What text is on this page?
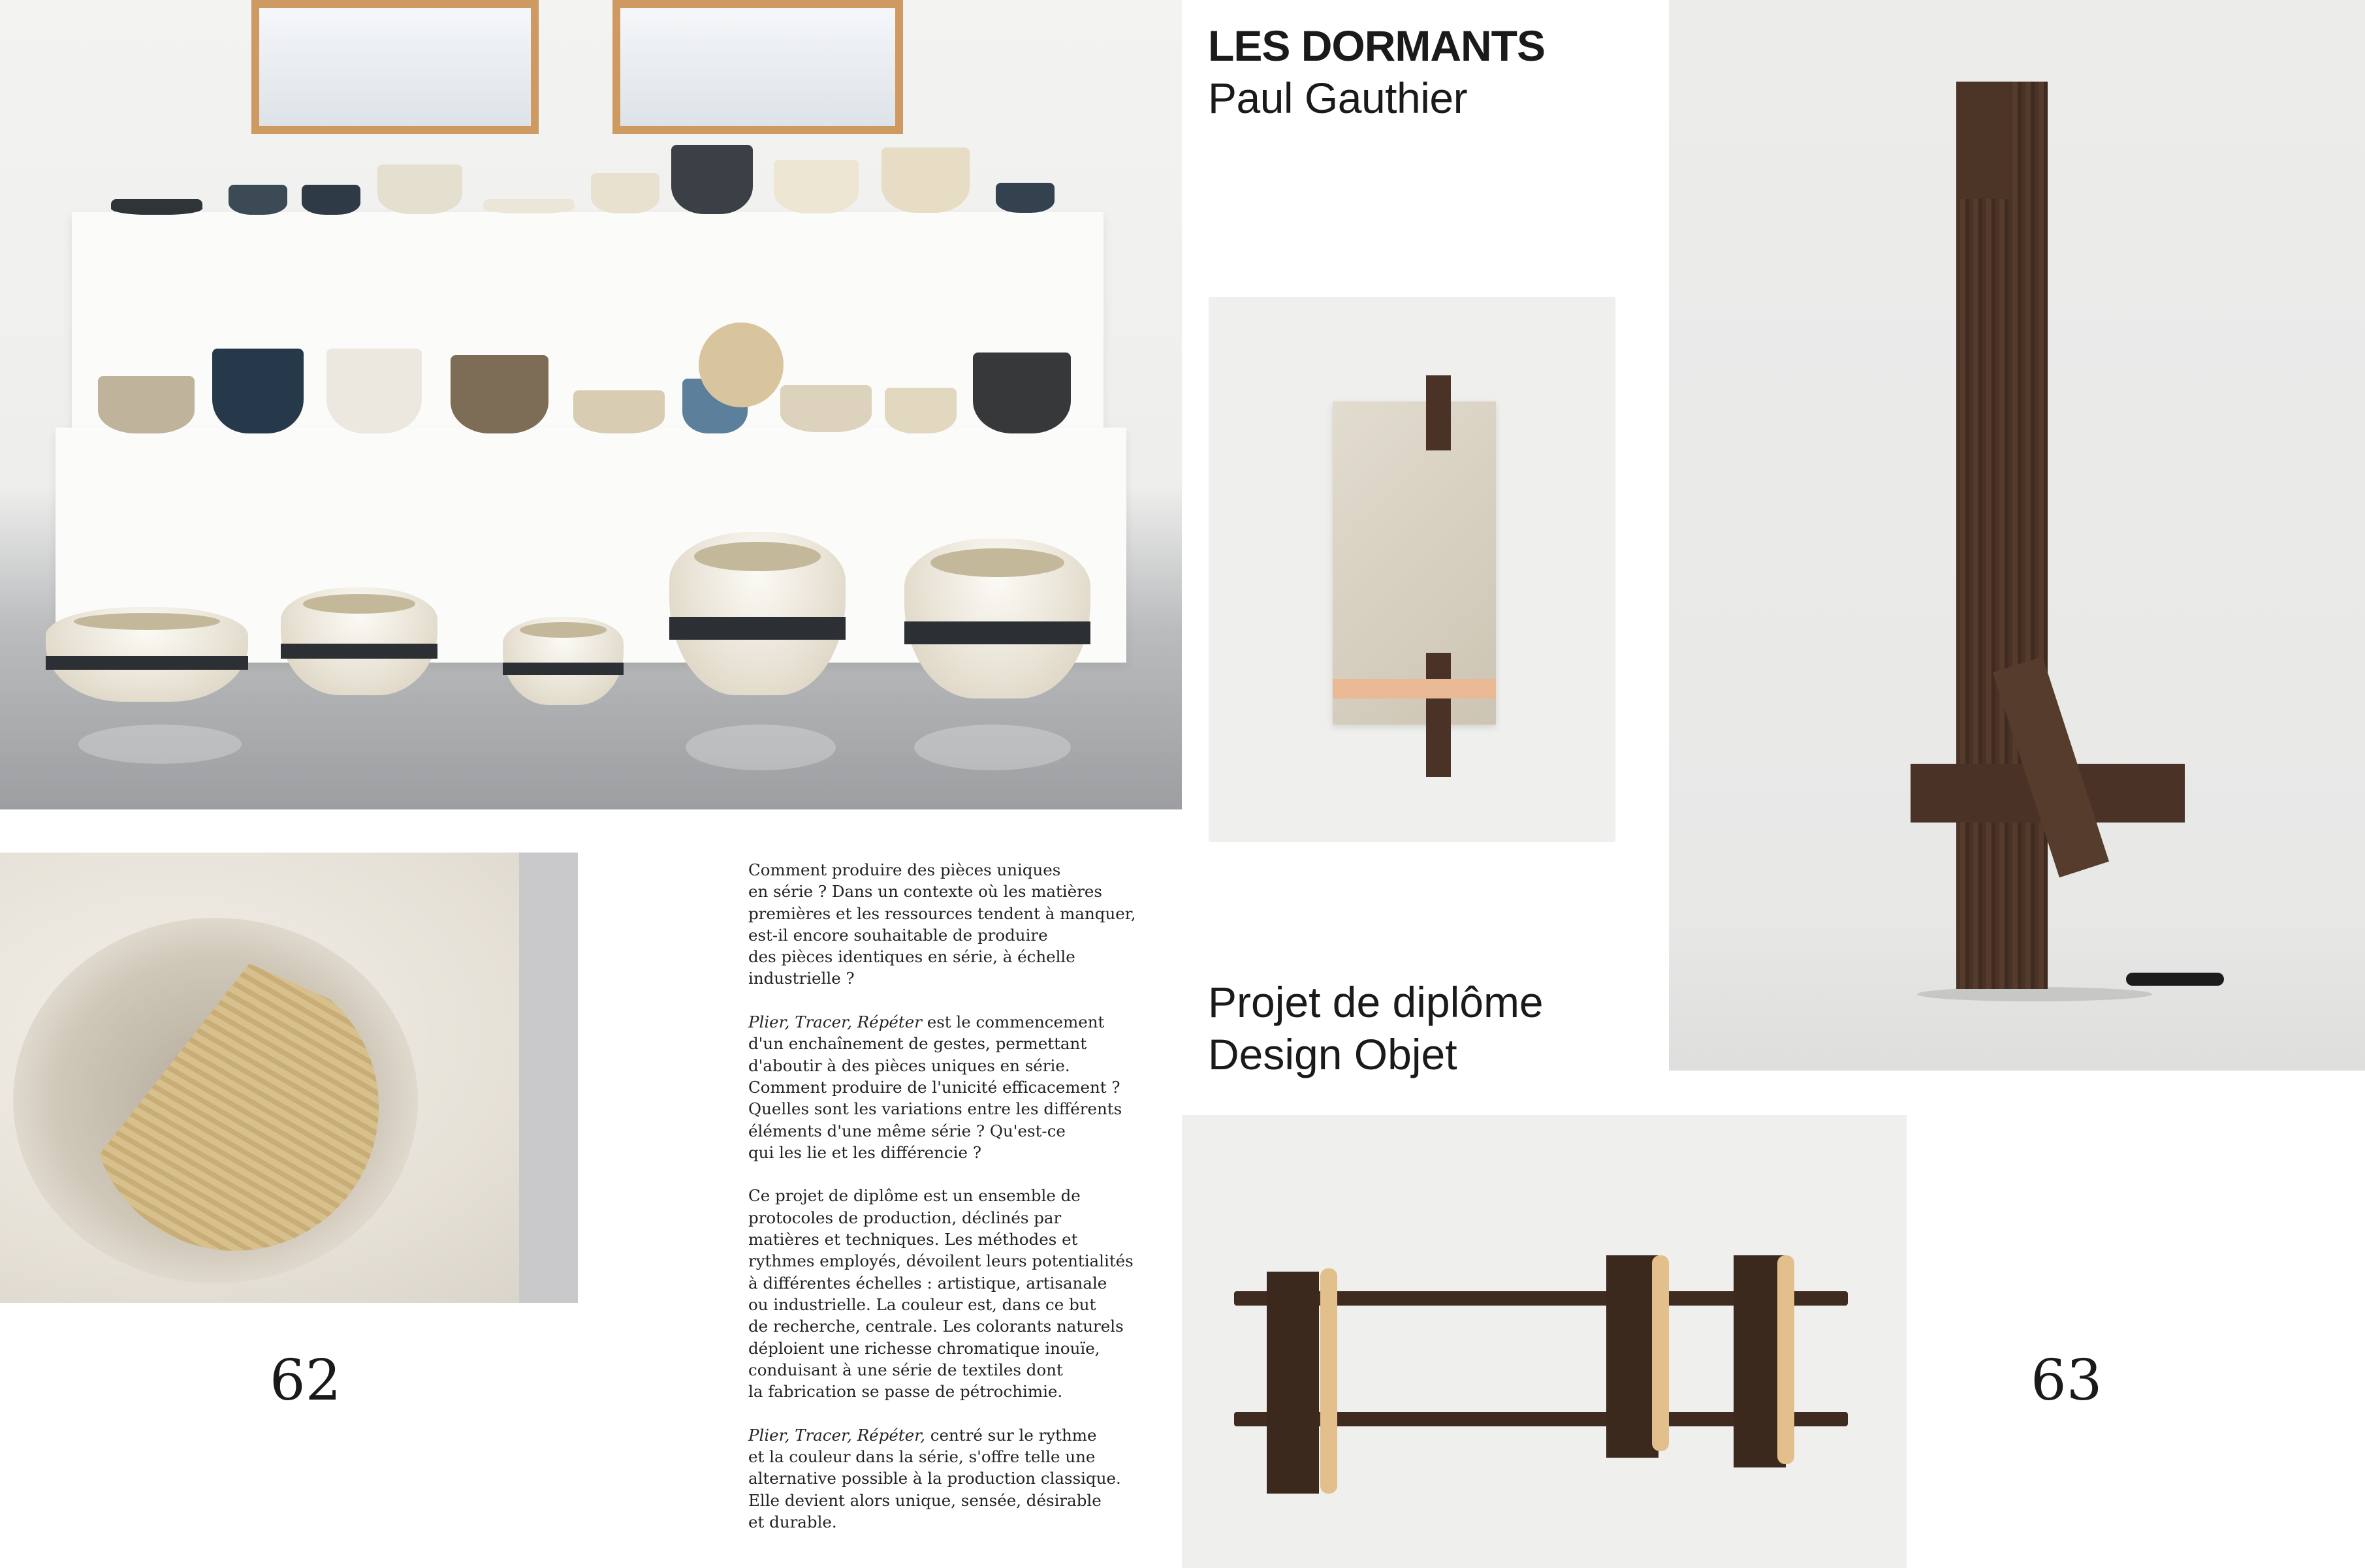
LES DORMANTS
Paul Gauthier
Projet de diplôme
Design Objet

Comment produire des pièces uniques
en série ? Dans un contexte où les matières
premières et les ressources tendent à manquer,
est-il encore souhaitable de produire
des pièces identiques en série, à échelle
industrielle ?

Plier, Tracer, Répéter est le commencement
d'un enchaînement de gestes, permettant
d'aboutir à des pièces uniques en série.
Comment produire de l'unicité efficacement ?
Quelles sont les variations entre les différents
éléments d'une même série ? Qu'est-ce
qui les lie et les différencie ?

Ce projet de diplôme est un ensemble de
protocoles de production, déclinés par
matières et techniques. Les méthodes et
rythmes employés, dévoilent leurs potentialités
à différentes échelles : artistique, artisanale
ou industrielle. La couleur est, dans ce but
de recherche, centrale. Les colorants naturels
déploient une richesse chromatique inouïe,
conduisant à une série de textiles dont
la fabrication se passe de pétrochimie.

Plier, Tracer, Répéter, centré sur le rythme
et la couleur dans la série, s'offre telle une
alternative possible à la production classique.
Elle devient alors unique, sensée, désirable
et durable.

62	63
